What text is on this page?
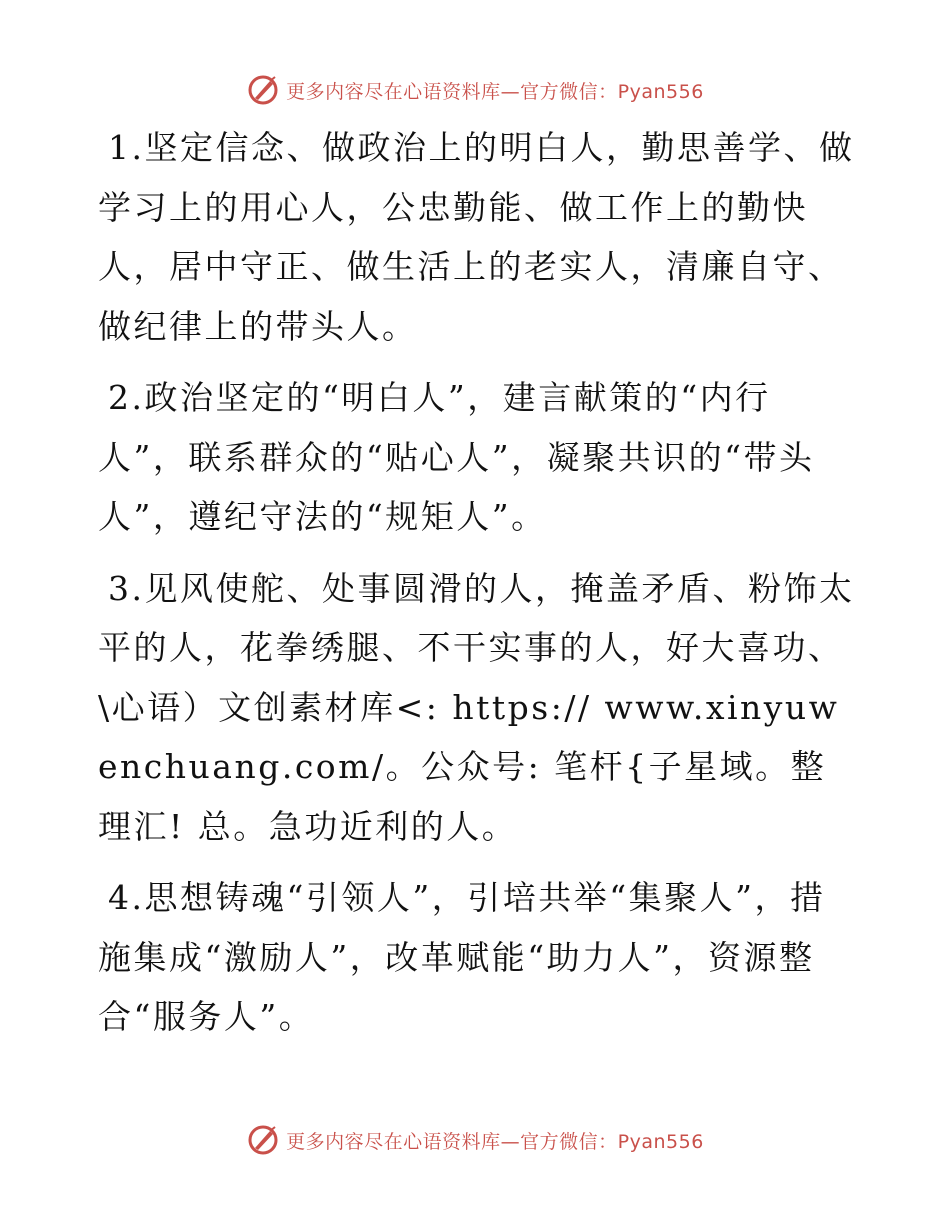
更多内容尽在心语资料库—官方微信：Pyan556

1.坚定信念、做政治上的明白人，勤思善学、做学习上的用心人，公忠勤能、做工作上的勤快人，居中守正、做生活上的老实人，清廉自守、做纪律上的带头人。

2.政治坚定的“明白人”，建言献策的“内行人”，联系群众的“贴心人”，凝聚共识的“带头人”，遵纪守法的“规矩人”。

3.见风使舵、处事圆滑的人，掩盖矛盾、粉饰太平的人，花拳绣腿、不干实事的人，好大喜功、\心语）文创素材库<: https:// www.xinyuwenchuang.com/。公众号: 笔杆{子星域。整理汇! 总。急功近利的人。

4.思想铸魂“引领人”，引培共举“集聚人”，措施集成“激励人”，改革赋能“助力人”，资源整合“服务人”。

更多内容尽在心语资料库—官方微信：Pyan556
